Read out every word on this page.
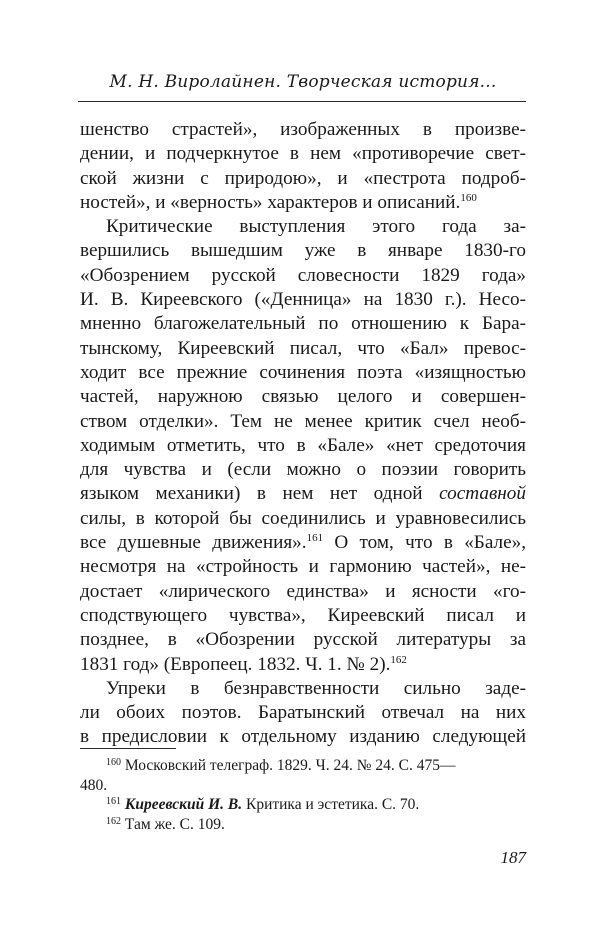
М. Н. Виролайнен. Творческая история...
шенство страстей», изображенных в произве-
дении, и подчеркнутое в нем «противоречие свет-
ской жизни с природою», и «пестрота подроб-
ностей», и «верность» характеров и описаний.$^{160}$
Критические выступления этого года за-
вершились вышедшим уже в январе 1830-го
«Обозрением русской словесности 1829 года»
И. В. Киреевского («Денница» на 1830 г.). Несо-
мненно благожелательный по отношению к Бара-
тынскому, Киреевский писал, что «Бал» превос-
ходит все прежние сочинения поэта «изящностью
частей, наружною связью целого и совершен-
ством отделки». Тем не менее критик счел необ-
ходимым отметить, что в «Бале» «нет средоточия
для чувства и (если можно о поэзии говорить
языком механики) в нем нет одной составной
силы, в которой бы соединились и уравновесились
все душевные движения».$^{161}$ О том, что в «Бале»,
несмотря на «стройность и гармонию частей», не-
достает «лирического единства» и ясности «го-
сподствующего чувства», Киреевский писал и
позднее, в «Обозрении русской литературы за
1831 год» (Европеец. 1832. Ч. 1. № 2).$^{162}$
Упреки в безнравственности сильно заде-
ли обоих поэтов. Баратынский отвечал на них
в предисловии к отдельному изданию следующей
$^{160}$ Московский телеграф. 1829. Ч. 24. № 24. С. 475—
480.
$^{161}$ Киреевский И. В. Критика и эстетика. С. 70.
$^{162}$ Там же. С. 109.
187
